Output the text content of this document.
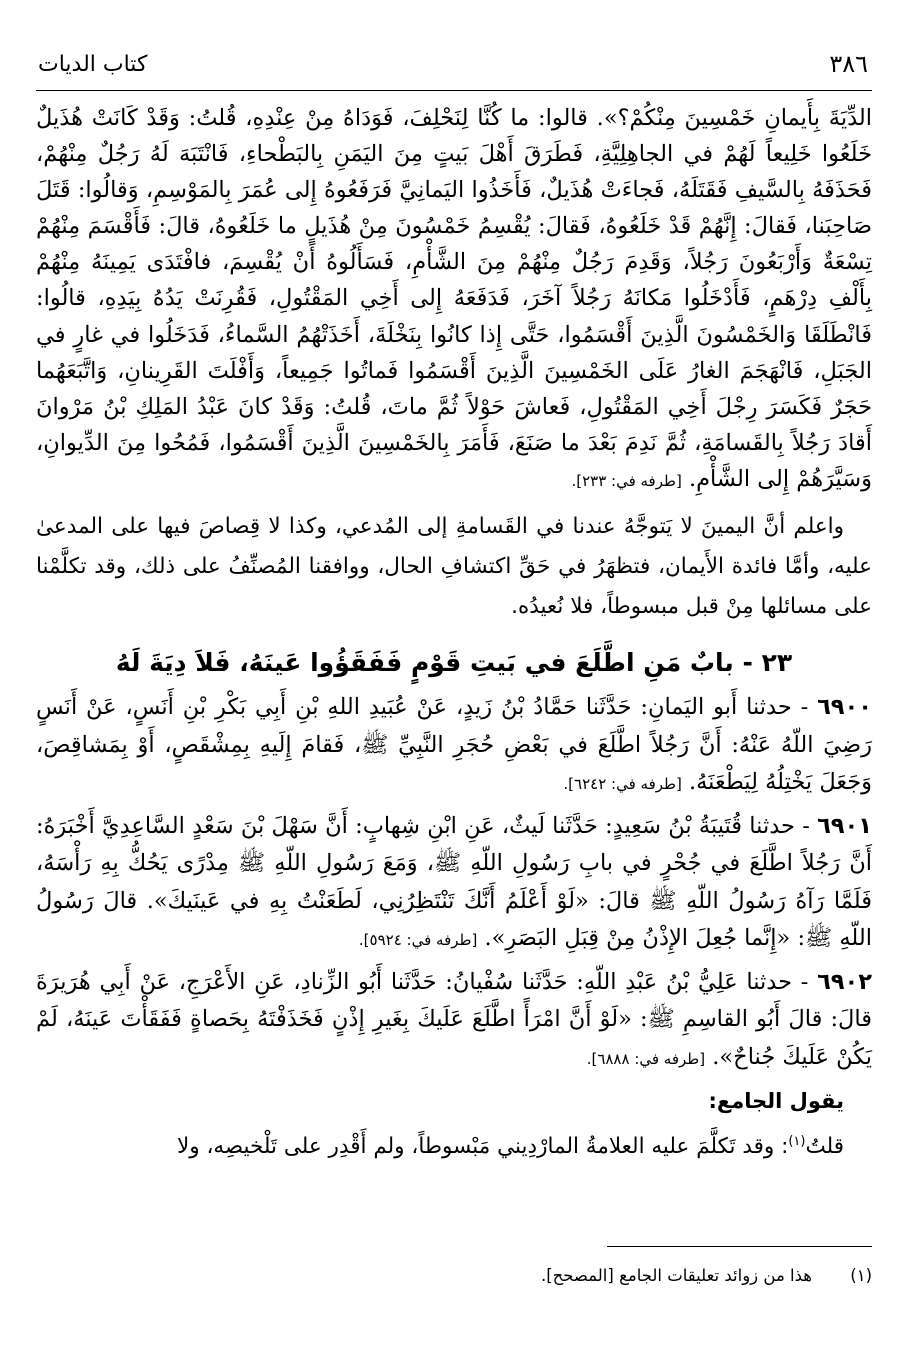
٣٨٦
كتاب الديات

الدِّيَةَ بِأَيمانِ خَمْسِينَ مِنْكُمْ؟». قالوا: ما كُنَّا لِنَحْلِفَ، فَوَدَاهُ مِنْ عِنْدِهِ، قُلتُ: وَقَدْ كَانَتْ هُذَيلٌ خَلَعُوا خَلِيعاً لَهُمْ في الجاهِلِيَّةِ، فَطَرَقَ أَهْلَ بَيتٍ مِنَ اليَمَنِ بِالبَطْحاءِ، فَانْتَبَهَ لَهُ رَجُلٌ مِنْهُمْ، فَحَذَفَهُ بِالسَّيفِ فَقَتَلَهُ، فَجاءَتْ هُذَيلٌ، فَأَخَذُوا اليَمانِيَّ فَرَفَعُوهُ إِلى عُمَرَ بِالمَوْسِمِ، وَقالُوا: قَتَلَ صَاحِبَنا، فَقالَ: إِنَّهُمْ قَدْ خَلَعُوهُ، فَقالَ: يُقْسِمُ خَمْسُونَ مِنْ هُذَيلٍ ما خَلَعُوهُ، قالَ: فَأَقْسَمَ مِنْهُمْ تِسْعَةٌ وَأَرْبَعُونَ رَجُلاً، وَقَدِمَ رَجُلٌ مِنْهُمْ مِنَ الشَّأْمِ، فَسَأَلُوهُ أَنْ يُقْسِمَ، فافْتَدَى يَمِينَهُ مِنْهُمْ بِأَلْفِ دِرْهَمٍ، فَأَدْخَلُوا مَكانَهُ رَجُلاً آخَرَ، فَدَفَعَهُ إِلى أَخِي المَقْتُولِ، فَقُرِنَتْ يَدُهُ بِيَدِهِ، قالُوا: فَانْطَلَقَا وَالخَمْسُونَ الَّذِينَ أَقْسَمُوا، حَتَّى إِذا كانُوا بِنَخْلَةَ، أَخَذَتْهُمُ السَّماءُ، فَدَخَلُوا في غارٍ في الجَبَلِ، فَانْهَجَمَ الغارُ عَلَى الخَمْسِينَ الَّذِينَ أَقْسَمُوا فَماتُوا جَمِيعاً، وَأَفْلَتَ القَرِينانِ، وَاتَّبَعَهُما حَجَرٌ فَكَسَرَ رِجْلَ أَخِي المَقْتُولِ، فَعاشَ حَوْلاً ثُمَّ ماتَ، قُلتُ: وَقَدْ كانَ عَبْدُ المَلِكِ بْنُ مَرْوانَ أَقادَ رَجُلاً بِالقَسامَةِ، ثُمَّ نَدِمَ بَعْدَ ما صَنَعَ، فَأَمَرَ بِالخَمْسِينَ الَّذِينَ أَقْسَمُوا، فَمُحُوا مِنَ الدِّيوانِ، وَسَيَّرَهُمْ إِلى الشَّأْمِ. [طرفه في: ٢٣٣].

واعلم أنَّ اليمينَ لا يَتوجَّهُ عندنا في القَسامةِ إلى المُدعي، وكذا لا قِصاصَ فيها على المدعىٰ عليه، وأمَّا فائدة الأَيمان، فتظهَرُ في حَقِّ اكتشافِ الحال، ووافقنا المُصنِّفُ على ذلك، وقد تكلَّمْنا على مسائلها مِنْ قبل مبسوطاً، فلا نُعيدُه.

٢٣ - بابٌ مَنِ اطَّلَعَ في بَيتِ قَوْمٍ فَفَقَؤُوا عَينَهُ، فَلاَ دِيَةَ لَهُ

٦٩٠٠ - حدثنا أَبو اليَمانِ: حَدَّثَنا حَمَّادُ بْنُ زَيدٍ، عَنْ عُبَيدِ اللهِ بْنِ أَبِي بَكْرِ بْنِ أَنَسٍ، عَنْ أَنَسٍ رَضِيَ اللّهُ عَنْهُ: أَنَّ رَجُلاً اطَّلَعَ في بَعْضِ حُجَرِ النَّبِيِّ ﷺ، فَقامَ إِلَيهِ بِمِشْقَصٍ، أَوْ بِمَشاقِصَ، وَجَعَلَ يَخْتِلُهُ لِيَطْعَنَهُ. [طرفه في: ٦٢٤٢].

٦٩٠١ - حدثنا قُتَيبَةُ بْنُ سَعِيدٍ: حَدَّثَنا لَيثٌ، عَنِ ابْنِ شِهابٍ: أَنَّ سَهْلَ بْنَ سَعْدٍ السَّاعِدِيَّ أَخْبَرَهُ: أَنَّ رَجُلاً اطَّلَعَ في جُحْرٍ في بابِ رَسُولِ اللّهِ ﷺ، وَمَعَ رَسُولِ اللّهِ ﷺ مِدْرًى يَحُكُّ بِهِ رَأْسَهُ، فَلَمَّا رَآهُ رَسُولُ اللّهِ ﷺ قالَ: «لَوْ أَعْلَمُ أَنَّكَ تَنْتَظِرُنِي، لَطَعَنْتُ بِهِ في عَينَيكَ». قالَ رَسُولُ اللّهِ ﷺ: «إِنَّما جُعِلَ الإِذْنُ مِنْ قِبَلِ البَصَرِ». [طرفه في: ٥٩٢٤].

٦٩٠٢ - حدثنا عَلِيُّ بْنُ عَبْدِ اللّهِ: حَدَّثَنا سُفْيانُ: حَدَّثَنا أَبُو الزِّنادِ، عَنِ الأَعْرَجِ، عَنْ أَبِي هُرَيرَةَ قالَ: قالَ أَبُو القاسِمِ ﷺ: «لَوْ أَنَّ امْرَأً اطَّلَعَ عَلَيكَ بِغَيرِ إِذْنٍ فَخَذَفْتَهُ بِحَصاةٍ فَفَقَأْتَ عَينَهُ، لَمْ يَكُنْ عَلَيكَ جُناحٌ». [طرفه في: ٦٨٨٨].

يقول الجامع:

قلتُ$^{(١)}$: وقد تَكلَّمَ عليه العلامةُ المارْدِيني مَبْسوطاً، ولم أَقْدِر على تَلْخيصِه، ولا

(١)هذا من زوائد تعليقات الجامع [المصحح].
